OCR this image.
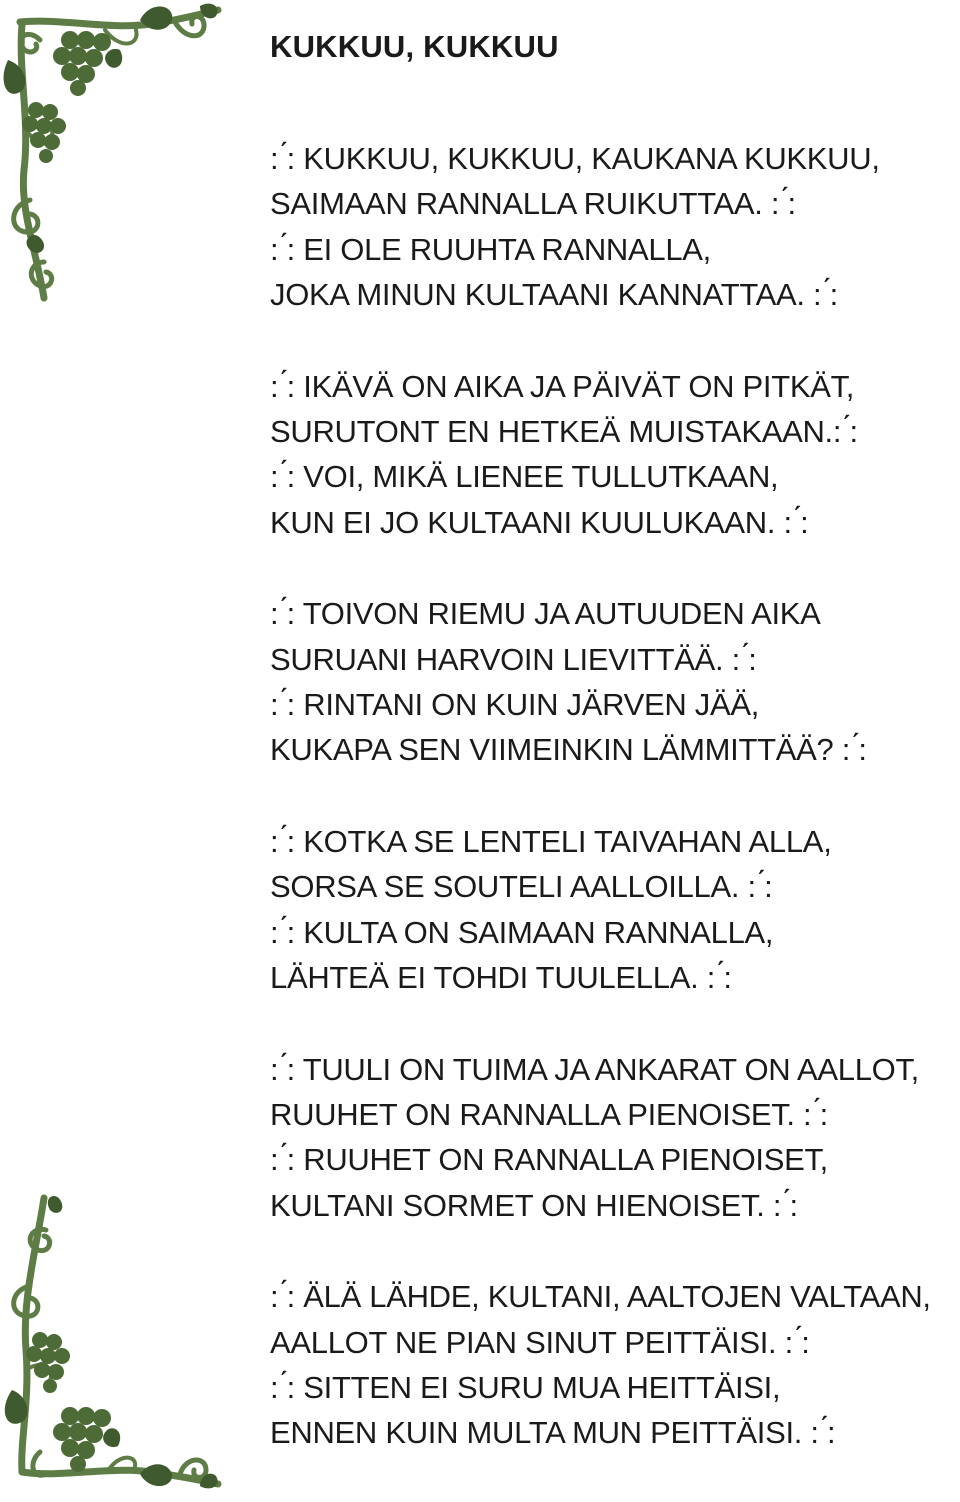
KUKKUU, KUKKUU
: ́: KUKKUU, KUKKUU, KAUKANA KUKKUU,
SAIMAAN RANNALLA RUIKUTTAA. : ́:
: ́: EI OLE RUUHTA RANNALLA,
JOKA MINUN KULTAANI KANNATTAA. : ́:
: ́: IKÄVÄ ON AIKA JA PÄIVÄT ON PITKÄT,
SURUTONT EN HETKEÄ MUISTAKAAN.: ́:
: ́: VOI, MIKÄ LIENEE TULLUTKAAN,
KUN EI JO KULTAANI KUULUKAAN. : ́:
: ́: TOIVON RIEMU JA AUTUUDEN AIKA
SURUANI HARVOIN LIEVITTÄÄ. : ́:
: ́: RINTANI ON KUIN JÄRVEN JÄÄ,
KUKAPA SEN VIIMEINKIN LÄMMITTÄÄ? : ́:
: ́: KOTKA SE LENTELI TAIVAHAN ALLA,
SORSA SE SOUTELI AALLOILLA. : ́:
: ́: KULTA ON SAIMAAN RANNALLA,
LÄHTEÄ EI TOHDI TUULELLA. : ́:
: ́: TUULI ON TUIMA JA ANKARAT ON AALLOT,
RUUHET ON RANNALLA PIENOISET. : ́:
: ́: RUUHET ON RANNALLA PIENOISET,
KULTANI SORMET ON HIENOISET. : ́:
: ́: ÄLÄ LÄHDE, KULTANI, AALTOJEN VALTAAN,
AALLOT NE PIAN SINUT PEITTÄISI. : ́:
: ́: SITTEN EI SURU MUA HEITTÄISI,
ENNEN KUIN MULTA MUN PEITTÄISI. : ́:
